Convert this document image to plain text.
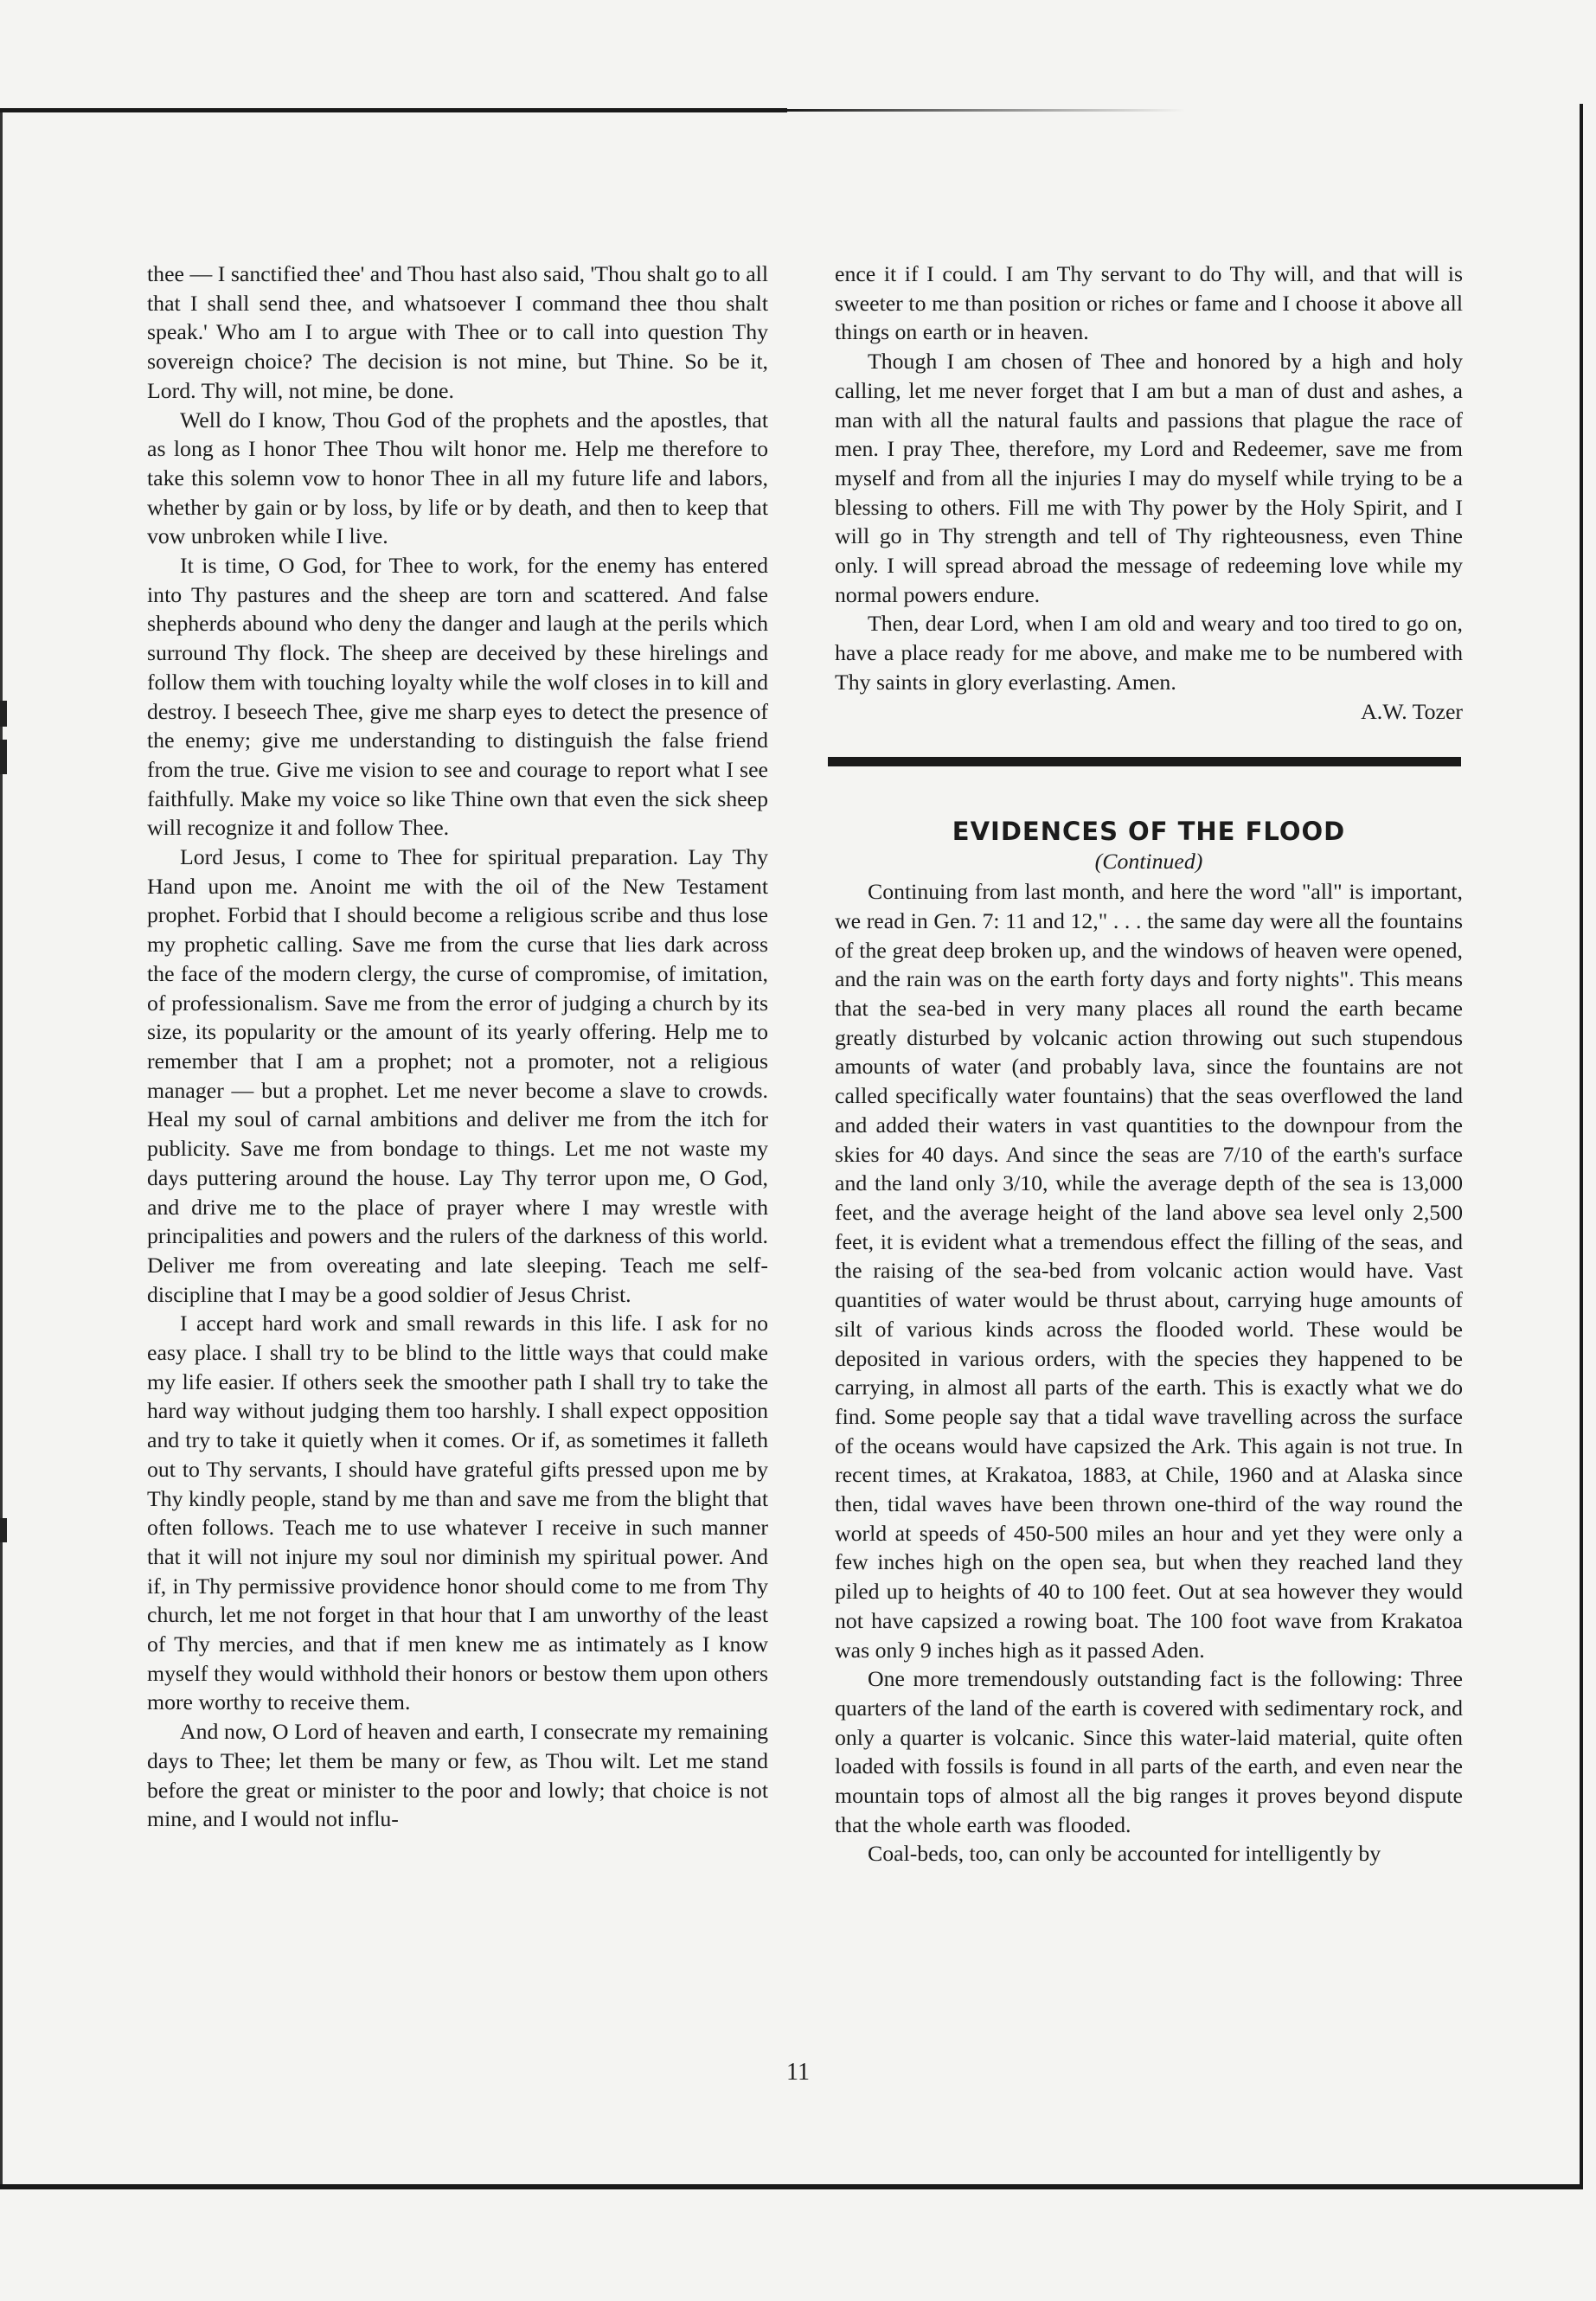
thee — I sanctified thee' and Thou hast also said, 'Thou shalt go to all that I shall send thee, and whatsoever I command thee thou shalt speak.' Who am I to argue with Thee or to call into question Thy sovereign choice? The decision is not mine, but Thine. So be it, Lord. Thy will, not mine, be done.

Well do I know, Thou God of the prophets and the apostles, that as long as I honor Thee Thou wilt honor me. Help me therefore to take this solemn vow to honor Thee in all my future life and labors, whether by gain or by loss, by life or by death, and then to keep that vow unbroken while I live.

It is time, O God, for Thee to work, for the enemy has entered into Thy pastures and the sheep are torn and scattered. And false shepherds abound who deny the danger and laugh at the perils which surround Thy flock. The sheep are deceived by these hirelings and follow them with touching loyalty while the wolf closes in to kill and destroy. I beseech Thee, give me sharp eyes to detect the presence of the enemy; give me understanding to distinguish the false friend from the true. Give me vision to see and courage to report what I see faithfully. Make my voice so like Thine own that even the sick sheep will recognize it and follow Thee.

Lord Jesus, I come to Thee for spiritual preparation. Lay Thy Hand upon me. Anoint me with the oil of the New Testament prophet. Forbid that I should become a religious scribe and thus lose my prophetic calling. Save me from the curse that lies dark across the face of the modern clergy, the curse of compromise, of imitation, of professionalism. Save me from the error of judging a church by its size, its popularity or the amount of its yearly offering. Help me to remember that I am a prophet; not a promoter, not a religious manager — but a prophet. Let me never become a slave to crowds. Heal my soul of carnal ambitions and deliver me from the itch for publicity. Save me from bondage to things. Let me not waste my days puttering around the house. Lay Thy terror upon me, O God, and drive me to the place of prayer where I may wrestle with principalities and powers and the rulers of the darkness of this world. Deliver me from overeating and late sleeping. Teach me self-discipline that I may be a good soldier of Jesus Christ.

I accept hard work and small rewards in this life. I ask for no easy place. I shall try to be blind to the little ways that could make my life easier. If others seek the smoother path I shall try to take the hard way without judging them too harshly. I shall expect opposition and try to take it quietly when it comes. Or if, as sometimes it falleth out to Thy servants, I should have grateful gifts pressed upon me by Thy kindly people, stand by me than and save me from the blight that often follows. Teach me to use whatever I receive in such manner that it will not injure my soul nor diminish my spiritual power. And if, in Thy permissive providence honor should come to me from Thy church, let me not forget in that hour that I am unworthy of the least of Thy mercies, and that if men knew me as intimately as I know myself they would withhold their honors or bestow them upon others more worthy to receive them.

And now, O Lord of heaven and earth, I consecrate my remaining days to Thee; let them be many or few, as Thou wilt. Let me stand before the great or minister to the poor and lowly; that choice is not mine, and I would not influ-

ence it if I could. I am Thy servant to do Thy will, and that will is sweeter to me than position or riches or fame and I choose it above all things on earth or in heaven.

Though I am chosen of Thee and honored by a high and holy calling, let me never forget that I am but a man of dust and ashes, a man with all the natural faults and passions that plague the race of men. I pray Thee, therefore, my Lord and Redeemer, save me from myself and from all the injuries I may do myself while trying to be a blessing to others. Fill me with Thy power by the Holy Spirit, and I will go in Thy strength and tell of Thy righteousness, even Thine only. I will spread abroad the message of redeeming love while my normal powers endure.

Then, dear Lord, when I am old and weary and too tired to go on, have a place ready for me above, and make me to be numbered with Thy saints in glory everlasting. Amen.

A.W. Tozer

EVIDENCES OF THE FLOOD
(Continued)

Continuing from last month, and here the word "all" is important, we read in Gen. 7: 11 and 12," . . . the same day were all the fountains of the great deep broken up, and the windows of heaven were opened, and the rain was on the earth forty days and forty nights". This means that the sea-bed in very many places all round the earth became greatly disturbed by volcanic action throwing out such stupendous amounts of water (and probably lava, since the fountains are not called specifically water fountains) that the seas overflowed the land and added their waters in vast quantities to the downpour from the skies for 40 days. And since the seas are 7/10 of the earth's surface and the land only 3/10, while the average depth of the sea is 13,000 feet, and the average height of the land above sea level only 2,500 feet, it is evident what a tremendous effect the filling of the seas, and the raising of the sea-bed from volcanic action would have. Vast quantities of water would be thrust about, carrying huge amounts of silt of various kinds across the flooded world. These would be deposited in various orders, with the species they happened to be carrying, in almost all parts of the earth. This is exactly what we do find. Some people say that a tidal wave travelling across the surface of the oceans would have capsized the Ark. This again is not true. In recent times, at Krakatoa, 1883, at Chile, 1960 and at Alaska since then, tidal waves have been thrown one-third of the way round the world at speeds of 450-500 miles an hour and yet they were only a few inches high on the open sea, but when they reached land they piled up to heights of 40 to 100 feet. Out at sea however they would not have capsized a rowing boat. The 100 foot wave from Krakatoa was only 9 inches high as it passed Aden.

One more tremendously outstanding fact is the following: Three quarters of the land of the earth is covered with sedimentary rock, and only a quarter is volcanic. Since this water-laid material, quite often loaded with fossils is found in all parts of the earth, and even near the mountain tops of almost all the big ranges it proves beyond dispute that the whole earth was flooded.

Coal-beds, too, can only be accounted for intelligently by

11
